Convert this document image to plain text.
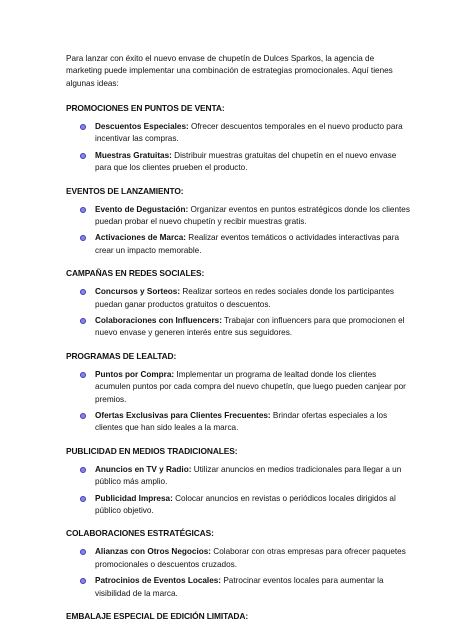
Para lanzar con éxito el nuevo envase de chupetín de Dulces Sparkos, la agencia de marketing puede implementar una combinación de estrategias promocionales. Aquí tienes algunas ideas:

PROMOCIONES EN PUNTOS DE VENTA:
Descuentos Especiales: Ofrecer descuentos temporales en el nuevo producto para incentivar las compras.
Muestras Gratuitas: Distribuir muestras gratuitas del chupetín en el nuevo envase para que los clientes prueben el producto.
EVENTOS DE LANZAMIENTO:
Evento de Degustación: Organizar eventos en puntos estratégicos donde los clientes puedan probar el nuevo chupetín y recibir muestras gratis.
Activaciones de Marca: Realizar eventos temáticos o actividades interactivas para crear un impacto memorable.
CAMPAÑAS EN REDES SOCIALES:
Concursos y Sorteos: Realizar sorteos en redes sociales donde los participantes puedan ganar productos gratuitos o descuentos.
Colaboraciones con Influencers: Trabajar con influencers para que promocionen el nuevo envase y generen interés entre sus seguidores.
PROGRAMAS DE LEALTAD:
Puntos por Compra: Implementar un programa de lealtad donde los clientes acumulen puntos por cada compra del nuevo chupetín, que luego pueden canjear por premios.
Ofertas Exclusivas para Clientes Frecuentes: Brindar ofertas especiales a los clientes que han sido leales a la marca.
PUBLICIDAD EN MEDIOS TRADICIONALES:
Anuncios en TV y Radio: Utilizar anuncios en medios tradicionales para llegar a un público más amplio.
Publicidad Impresa: Colocar anuncios en revistas o periódicos locales dirigidos al público objetivo.
COLABORACIONES ESTRATÉGICAS:
Alianzas con Otros Negocios: Colaborar con otras empresas para ofrecer paquetes promocionales o descuentos cruzados.
Patrocinios de Eventos Locales: Patrocinar eventos locales para aumentar la visibilidad de la marca.
EMBALAJE ESPECIAL DE EDICIÓN LIMITADA:
